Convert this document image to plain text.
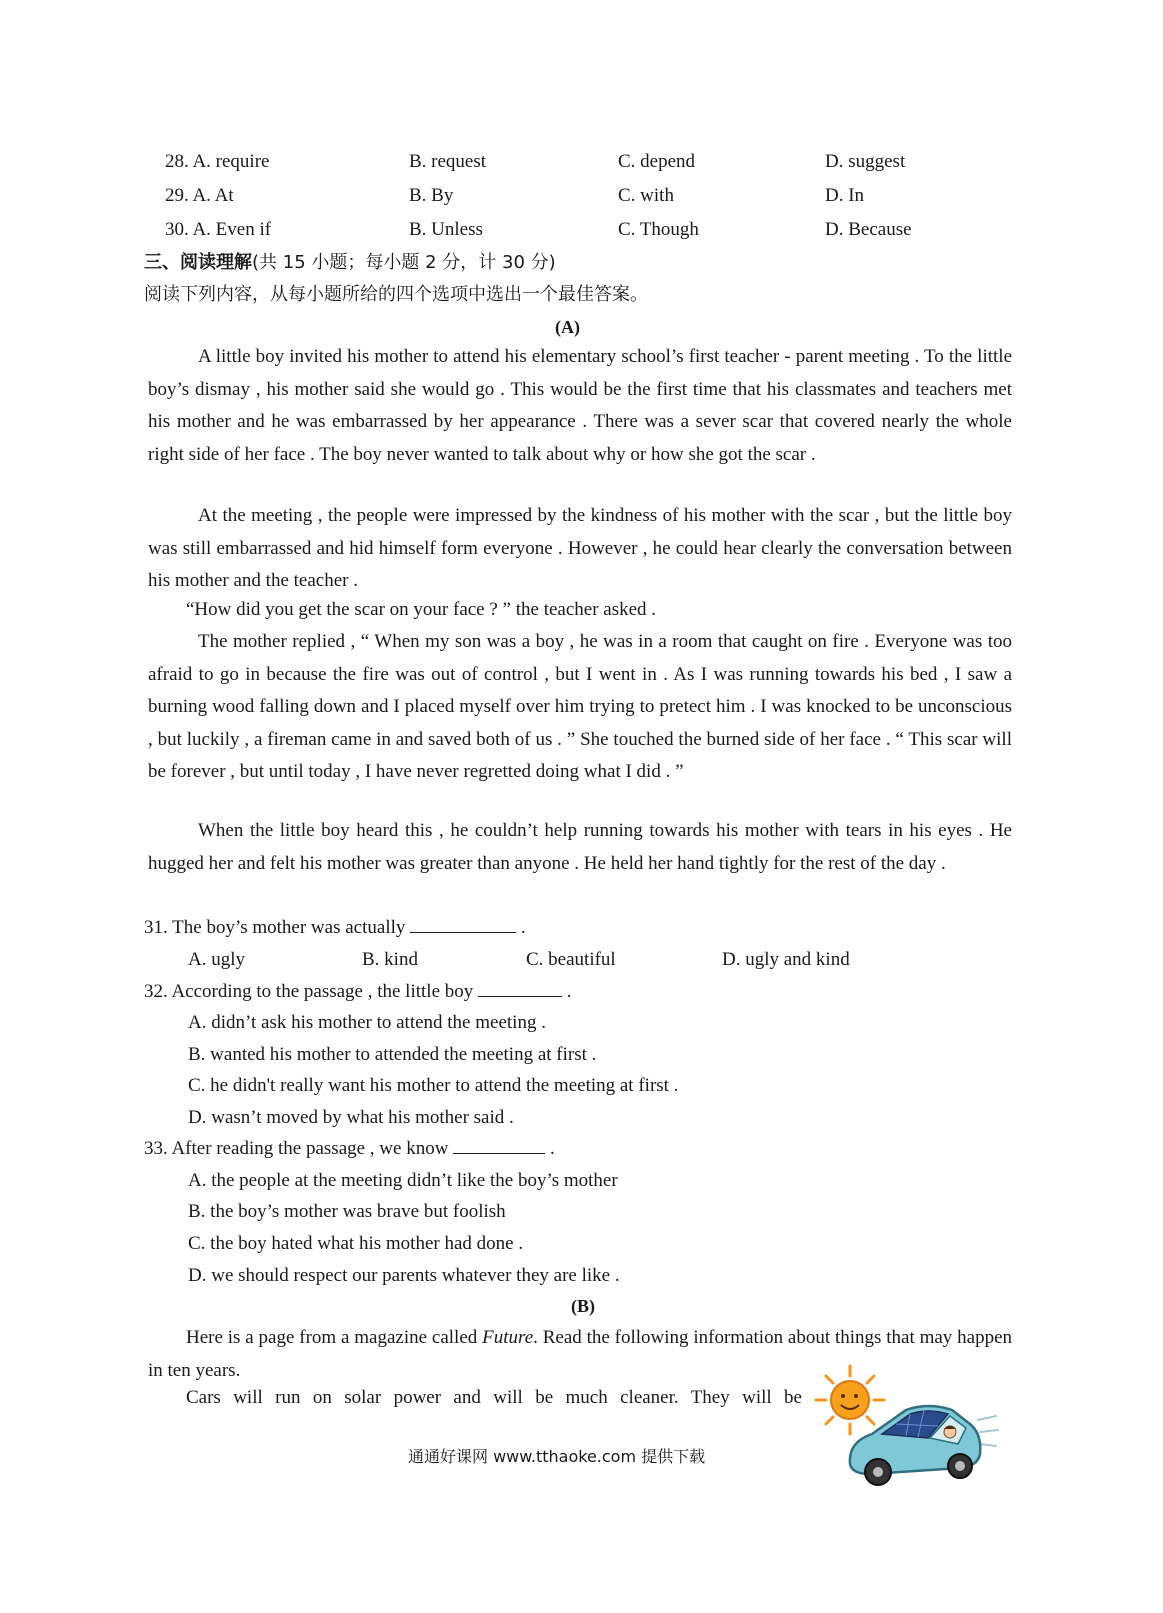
28. A. require	B. request	C. depend	D. suggest
29. A. At	B. By	C. with	D. In
30. A. Even if	B. Unless	C. Though	D. Because
三、阅读理解(共 15 小题；每小题 2 分，计 30 分)
阅读下列内容，从每小题所给的四个选项中选出一个最佳答案。
(A)
A little boy invited his mother to attend his elementary school’s first teacher - parent meeting . To the little boy’s dismay , his mother said she would go . This would be the first time that his classmates and teachers met his mother and he was embarrassed by her appearance . There was a sever scar that covered nearly the whole right side of her face . The boy never wanted to talk about why or how she got the scar .
At the meeting , the people were impressed by the kindness of his mother with the scar , but the little boy was still embarrassed and hid himself form everyone . However , he could hear clearly the conversation between his mother and the teacher .
“How did you get the scar on your face ? ” the teacher asked .
The mother replied , “ When my son was a boy , he was in a room that caught on fire . Everyone was too afraid to go in because the fire was out of control , but I went in . As I was running towards his bed , I saw a burning wood falling down and I placed myself over him trying to pretect him . I was knocked to be unconscious , but luckily , a fireman came in and saved both of us . ” She touched the burned side of her face . “ This scar will be forever , but until today , I have never regretted doing what I did . ”
When the little boy heard this , he couldn’t help running towards his mother with tears in his eyes . He hugged her and felt his mother was greater than anyone . He held her hand tightly for the rest of the day .
31. The boy’s mother was actually	.
A. ugly	B. kind	C. beautiful	D. ugly and kind
32. According to the passage , the little boy	.
A. didn’t ask his mother to attend the meeting .
B. wanted his mother to attended the meeting at first .
C. he didn't really want his mother to attend the meeting at first .
D. wasn’t moved by what his mother said .
33. After reading the passage , we know	.
A. the people at the meeting didn’t like the boy’s mother
B. the boy’s mother was brave but foolish
C. the boy hated what his mother had done .
D. we should respect our parents whatever they are like .
(B)
Here is a page from a magazine called Future. Read the following information about things that may happen in ten years.
Cars will run on solar power and will be much cleaner. They will be
通通好课网 www.tthaoke.com 提供下载
